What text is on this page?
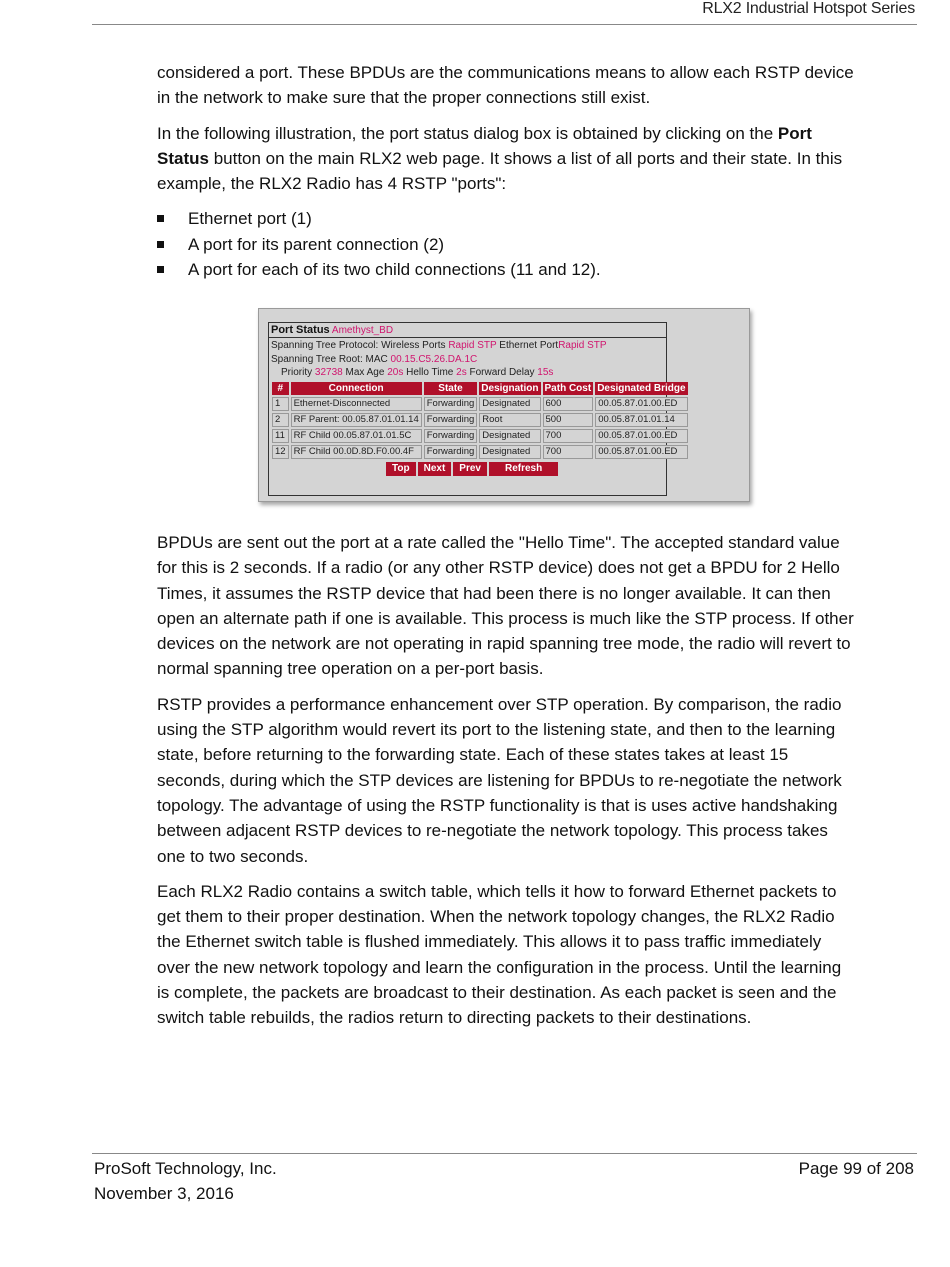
RLX2 Industrial Hotspot Series

considered a port. These BPDUs are the communications means to allow each RSTP device in the network to make sure that the proper connections still exist.

In the following illustration, the port status dialog box is obtained by clicking on the Port Status button on the main RLX2 web page. It shows a list of all ports and their state. In this example, the RLX2 Radio has 4 RSTP "ports":

Ethernet port (1)
A port for its parent connection (2)
A port for each of its two child connections (11 and 12).
Port Status Amethyst_BD
Spanning Tree Protocol: Wireless Ports Rapid STP Ethernet PortRapid STP
Spanning Tree Root: MAC 00.15.C5.26.DA.1C
Priority 32738 Max Age 20s Hello Time 2s Forward Delay 15s
#	Connection	State	Designation	Path Cost	Designated Bridge
1	Ethernet-Disconnected	Forwarding	Designated	600	00.05.87.01.00.ED
2	RF Parent: 00.05.87.01.01.14	Forwarding	Root	500	00.05.87.01.01.14
11	RF Child 00.05.87.01.01.5C	Forwarding	Designated	700	00.05.87.01.00.ED
12	RF Child 00.0D.8D.F0.00.4F	Forwarding	Designated	700	00.05.87.01.00.ED
Top	Next	Prev	Refresh

BPDUs are sent out the port at a rate called the "Hello Time". The accepted standard value for this is 2 seconds. If a radio (or any other RSTP device) does not get a BPDU for 2 Hello Times, it assumes the RSTP device that had been there is no longer available. It can then open an alternate path if one is available. This process is much like the STP process. If other devices on the network are not operating in rapid spanning tree mode, the radio will revert to normal spanning tree operation on a per-port basis.

RSTP provides a performance enhancement over STP operation. By comparison, the radio using the STP algorithm would revert its port to the listening state, and then to the learning state, before returning to the forwarding state. Each of these states takes at least 15 seconds, during which the STP devices are listening for BPDUs to re-negotiate the network topology. The advantage of using the RSTP functionality is that is uses active handshaking between adjacent RSTP devices to re-negotiate the network topology. This process takes one to two seconds.

Each RLX2 Radio contains a switch table, which tells it how to forward Ethernet packets to get them to their proper destination. When the network topology changes, the RLX2 Radio the Ethernet switch table is flushed immediately. This allows it to pass traffic immediately over the new network topology and learn the configuration in the process. Until the learning is complete, the packets are broadcast to their destination. As each packet is seen and the switch table rebuilds, the radios return to directing packets to their destinations.

ProSoft Technology, Inc.
November 3, 2016
Page 99 of 208
